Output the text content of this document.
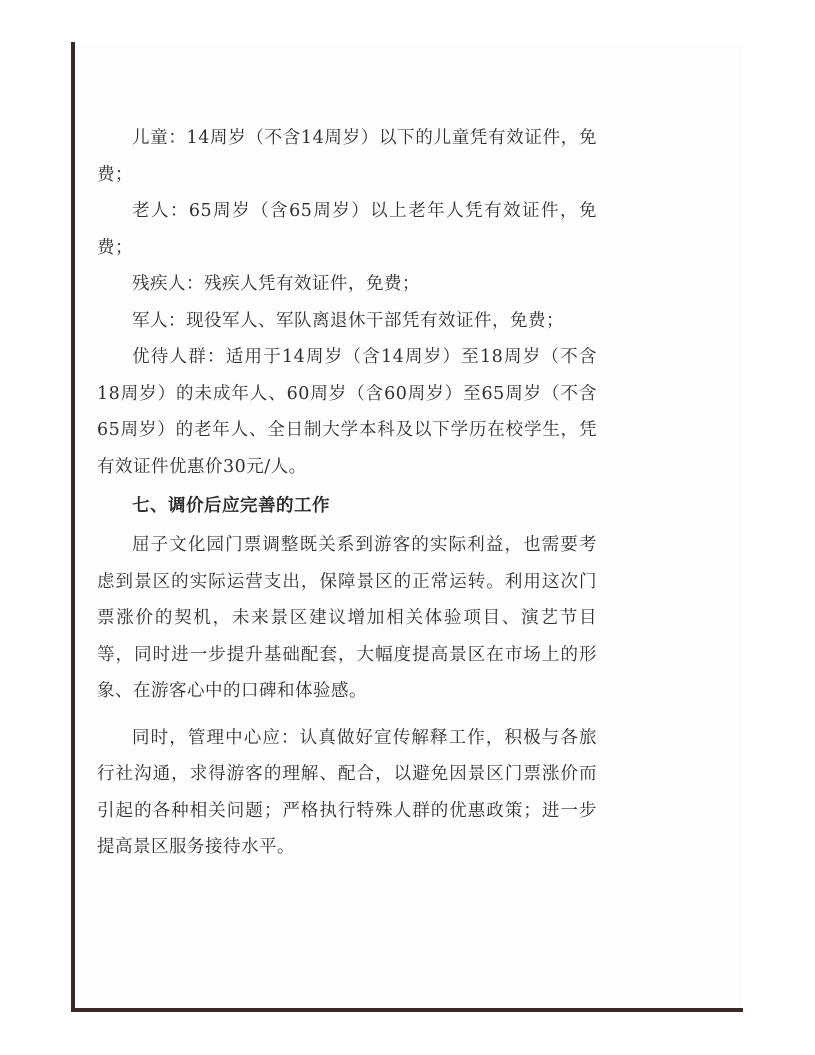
儿童：14周岁（不含14周岁）以下的儿童凭有效证件，免费；

老人：65周岁（含65周岁）以上老年人凭有效证件，免费；

残疾人：残疾人凭有效证件，免费；

军人：现役军人、军队离退休干部凭有效证件，免费；

优待人群：适用于14周岁（含14周岁）至18周岁（不含18周岁）的未成年人、60周岁（含60周岁）至65周岁（不含65周岁）的老年人、全日制大学本科及以下学历在校学生，凭有效证件优惠价30元/人。

七、调价后应完善的工作

屈子文化园门票调整既关系到游客的实际利益，也需要考虑到景区的实际运营支出，保障景区的正常运转。利用这次门票涨价的契机，未来景区建议增加相关体验项目、演艺节目等，同时进一步提升基础配套，大幅度提高景区在市场上的形象、在游客心中的口碑和体验感。

同时，管理中心应：认真做好宣传解释工作，积极与各旅行社沟通，求得游客的理解、配合，以避免因景区门票涨价而引起的各种相关问题；严格执行特殊人群的优惠政策；进一步提高景区服务接待水平。
